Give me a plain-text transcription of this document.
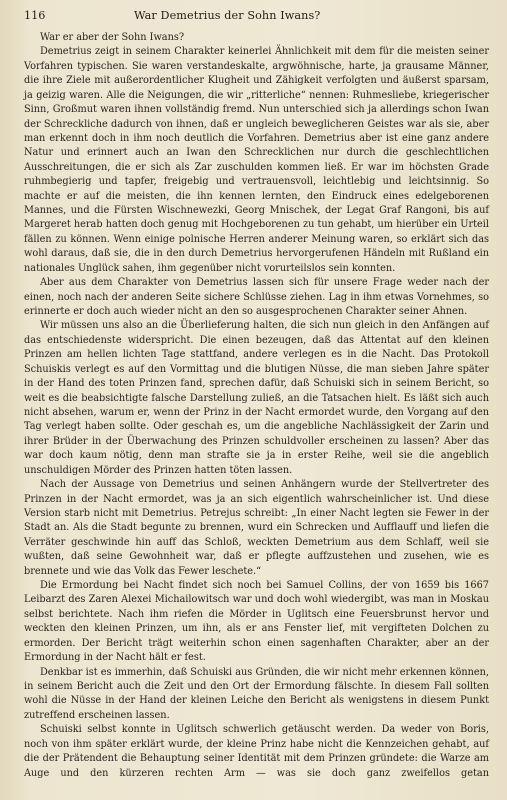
116	War Demetrius der Sohn Iwans?

War er aber der Sohn Iwans?

Demetrius zeigt in seinem Charakter keinerlei Ähnlichkeit mit dem für die meisten seiner Vorfahren typischen. Sie waren verstandeskalte, argwöhnische, harte, ja grausame Männer, die ihre Ziele mit außerordentlicher Klugheit und Zähigkeit verfolgten und äußerst sparsam, ja geizig waren. Alle die Neigungen, die wir „ritterliche“ nennen: Ruhmesliebe, kriegerischer Sinn, Großmut waren ihnen vollständig fremd. Nun unterschied sich ja allerdings schon Iwan der Schreckliche dadurch von ihnen, daß er ungleich beweglicheren Geistes war als sie, aber man erkennt doch in ihm noch deutlich die Vorfahren. Demetrius aber ist eine ganz andere Natur und erinnert auch an Iwan den Schrecklichen nur durch die geschlechtlichen Ausschreitungen, die er sich als Zar zuschulden kommen ließ. Er war im höchsten Grade ruhmbegierig und tapfer, freigebig und vertrauensvoll, leichtlebig und leichtsinnig. So machte er auf die meisten, die ihn kennen lernten, den Eindruck eines edelgeborenen Mannes, und die Fürsten Wischnewezki, Georg Mnischek, der Legat Graf Rangoni, bis auf Margeret herab hatten doch genug mit Hochgeborenen zu tun gehabt, um hierüber ein Urteil fällen zu können. Wenn einige polnische Herren anderer Meinung waren, so erklärt sich das wohl daraus, daß sie, die in den durch Demetrius hervorgerufenen Händeln mit Rußland ein nationales Unglück sahen, ihm gegenüber nicht vorurteilslos sein konnten.

Aber aus dem Charakter von Demetrius lassen sich für unsere Frage weder nach der einen, noch nach der anderen Seite sichere Schlüsse ziehen. Lag in ihm etwas Vornehmes, so erinnerte er doch auch wieder nicht an den so ausgesprochenen Charakter seiner Ahnen.

Wir müssen uns also an die Überlieferung halten, die sich nun gleich in den Anfängen auf das entschiedenste widerspricht. Die einen bezeugen, daß das Attentat auf den kleinen Prinzen am hellen lichten Tage stattfand, andere verlegen es in die Nacht. Das Protokoll Schuiskis verlegt es auf den Vormittag und die blutigen Nüsse, die man sieben Jahre später in der Hand des toten Prinzen fand, sprechen dafür, daß Schuiski sich in seinem Bericht, so weit es die beabsichtigte falsche Darstellung zuließ, an die Tatsachen hielt. Es läßt sich auch nicht absehen, warum er, wenn der Prinz in der Nacht ermordet wurde, den Vorgang auf den Tag verlegt haben sollte. Oder geschah es, um die angebliche Nachlässigkeit der Zarin und ihrer Brüder in der Überwachung des Prinzen schuldvoller erscheinen zu lassen? Aber das war doch kaum nötig, denn man strafte sie ja in erster Reihe, weil sie die angeblich unschuldigen Mörder des Prinzen hatten töten lassen.

Nach der Aussage von Demetrius und seinen Anhängern wurde der Stellvertreter des Prinzen in der Nacht ermordet, was ja an sich eigentlich wahrscheinlicher ist. Und diese Version starb nicht mit Demetrius. Petrejus schreibt: „In einer Nacht legten sie Fewer in der Stadt an. Als die Stadt begunte zu brennen, wurd ein Schrecken und Aufflauff und liefen die Verräter geschwinde hin auff das Schloß, weckten Demetrium aus dem Schlaff, weil sie wußten, daß seine Gewohnheit war, daß er pflegte auffzustehen und zusehen, wie es brennete und wie das Volk das Fewer leschete.“

Die Ermordung bei Nacht findet sich noch bei Samuel Collins, der von 1659 bis 1667 Leibarzt des Zaren Alexei Michailowitsch war und doch wohl wiedergibt, was man in Moskau selbst berichtete. Nach ihm riefen die Mörder in Uglitsch eine Feuersbrunst hervor und weckten den kleinen Prinzen, um ihn, als er ans Fenster lief, mit vergifteten Dolchen zu ermorden. Der Bericht trägt weiterhin schon einen sagenhaften Charakter, aber an der Ermordung in der Nacht hält er fest.

Denkbar ist es immerhin, daß Schuiski aus Gründen, die wir nicht mehr erkennen können, in seinem Bericht auch die Zeit und den Ort der Ermordung fälschte. In diesem Fall sollten wohl die Nüsse in der Hand der kleinen Leiche den Bericht als wenigstens in diesem Punkt zutreffend erscheinen lassen.

Schuiski selbst konnte in Uglitsch schwerlich getäuscht werden. Da weder von Boris, noch von ihm später erklärt wurde, der kleine Prinz habe nicht die Kennzeichen gehabt, auf die der Prätendent die Behauptung seiner Identität mit dem Prinzen gründete: die Warze am Auge und den kürzeren rechten Arm — was sie doch ganz zweifellos getan
